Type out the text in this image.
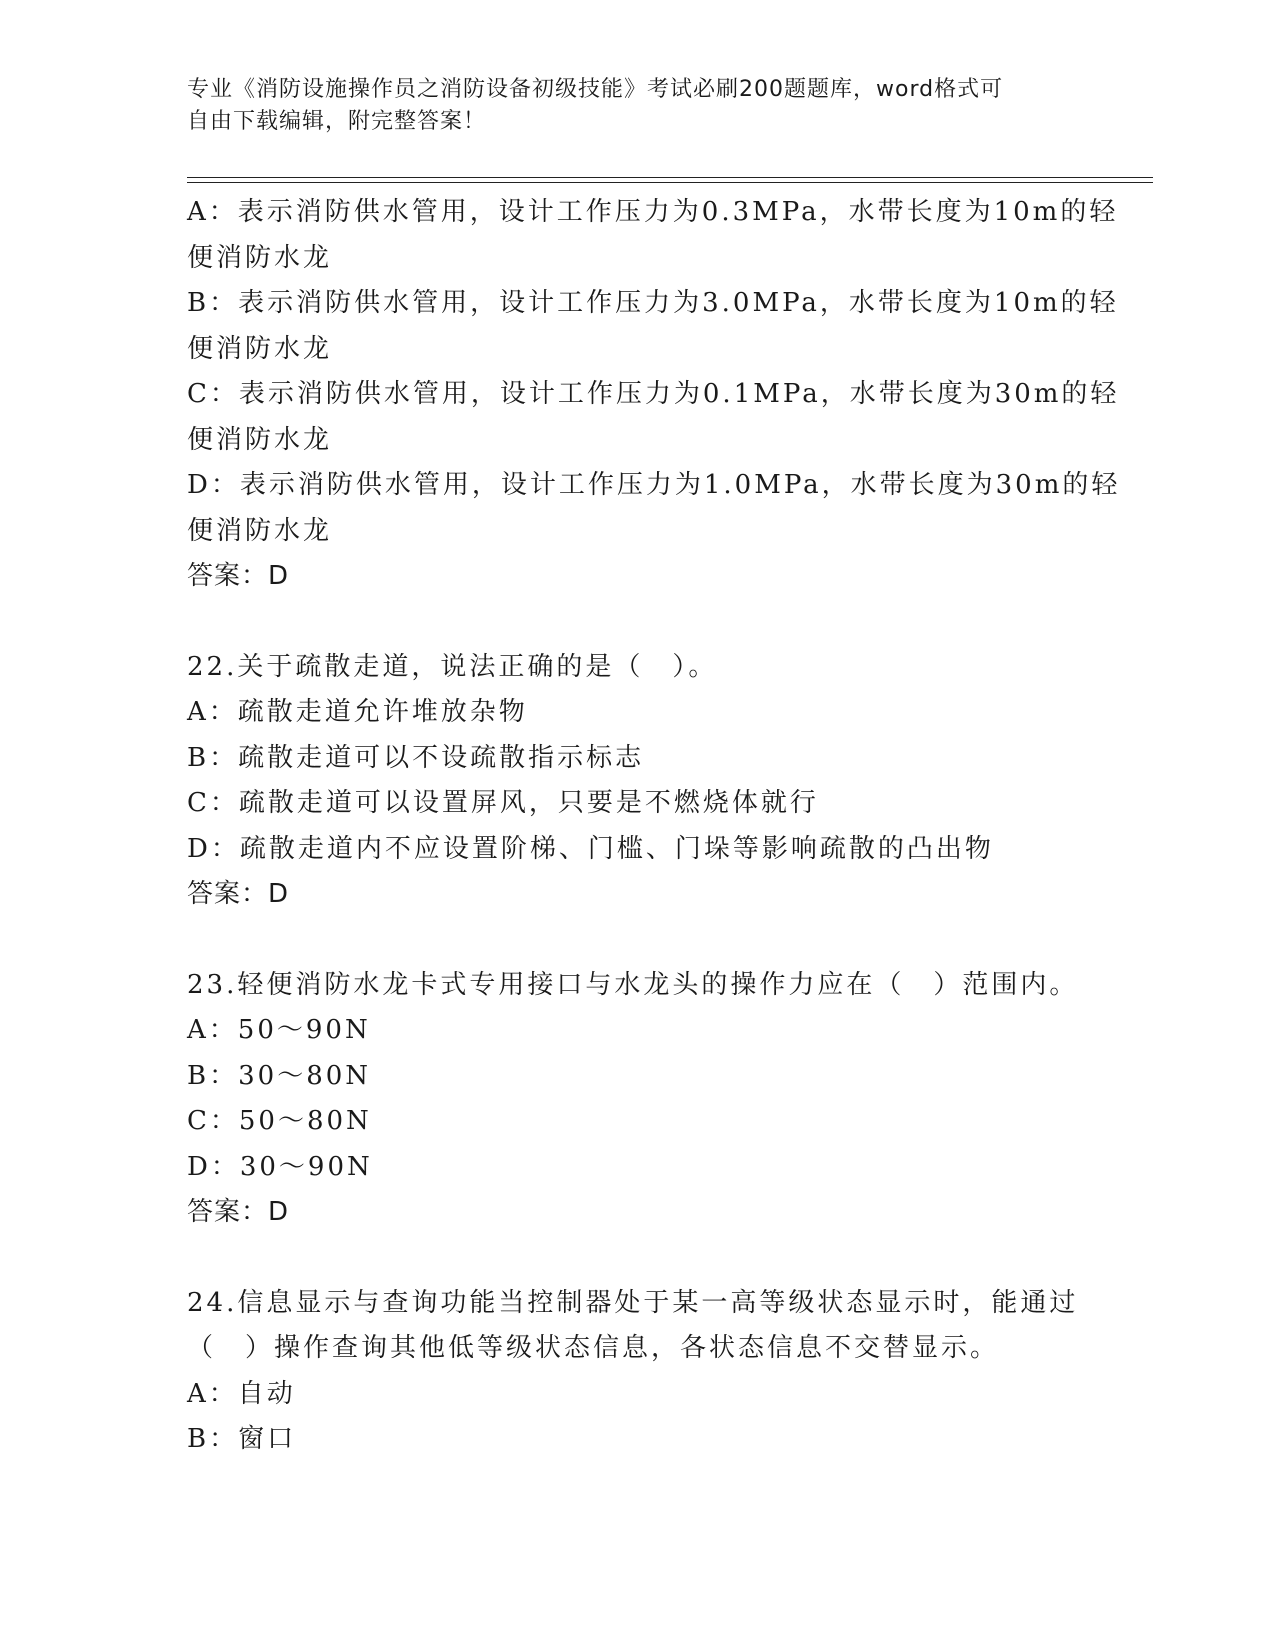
专业《消防设施操作员之消防设备初级技能》考试必刷200题题库，word格式可
自由下载编辑，附完整答案！
A：表示消防供水管用，设计工作压力为0.3MPa，水带长度为10m的轻
便消防水龙
B：表示消防供水管用，设计工作压力为3.0MPa，水带长度为10m的轻
便消防水龙
C：表示消防供水管用，设计工作压力为0.1MPa，水带长度为30m的轻
便消防水龙
D：表示消防供水管用，设计工作压力为1.0MPa，水带长度为30m的轻
便消防水龙
答案：D
22.关于疏散走道，说法正确的是（　）。
A：疏散走道允许堆放杂物
B：疏散走道可以不设疏散指示标志
C：疏散走道可以设置屏风，只要是不燃烧体就行
D：疏散走道内不应设置阶梯、门槛、门垛等影响疏散的凸出物
答案：D
23.轻便消防水龙卡式专用接口与水龙头的操作力应在（　）范围内。
A：50～90N
B：30～80N
C：50～80N
D：30～90N
答案：D
24.信息显示与查询功能当控制器处于某一高等级状态显示时，能通过
（　）操作查询其他低等级状态信息，各状态信息不交替显示。
A：自动
B：窗口
